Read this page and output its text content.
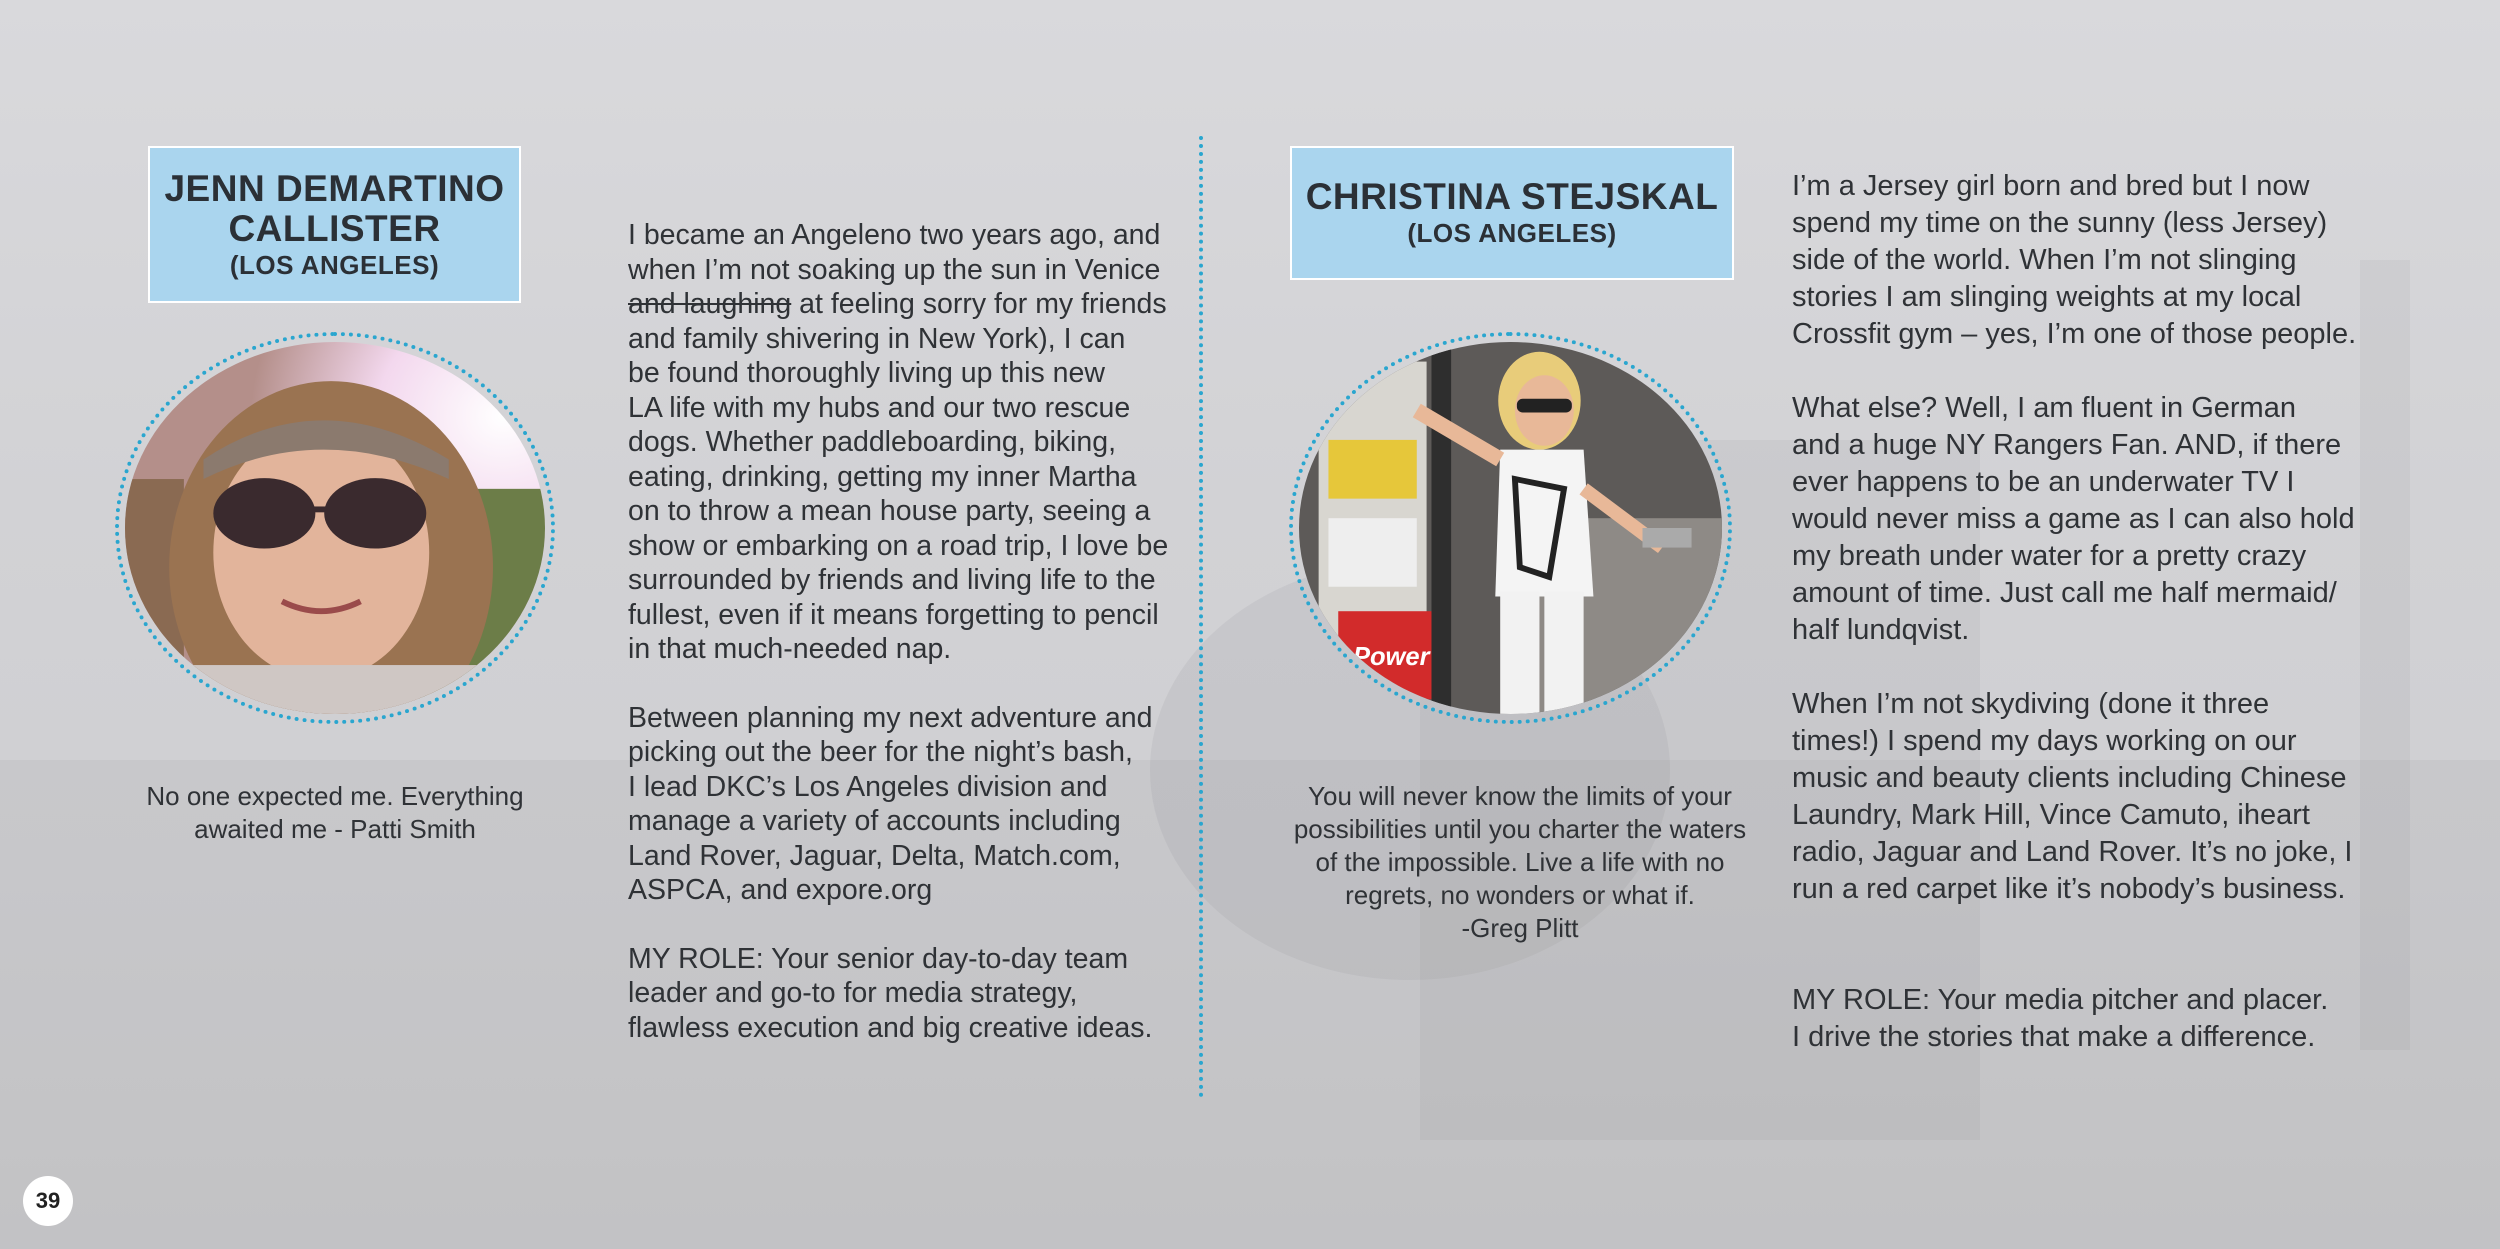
JENN DEMARTINO
CALLISTER
(LOS ANGELES)
No one expected me. Everything
awaited me - Patti Smith
I became an Angeleno two years ago, and
when I’m not soaking up the sun in Venice
and laughing at feeling sorry for my friends
and family shivering in New York), I can
be found thoroughly living up this new
LA life with my hubs and our two rescue
dogs. Whether paddleboarding, biking,
eating, drinking, getting my inner Martha
on to throw a mean house party, seeing a
show or embarking on a road trip, I love be
surrounded by friends and living life to the
fullest, even if it means forgetting to pencil
in that much-needed nap.
Between planning my next adventure and
picking out the beer for the night’s bash,
I lead DKC’s Los Angeles division and
manage a variety of accounts including
Land Rover, Jaguar, Delta, Match.com,
ASPCA, and expore.org
MY ROLE: Your senior day-to-day team
leader and go-to for media strategy,
flawless execution and big creative ideas.
CHRISTINA STEJSKAL
(LOS ANGELES)
Power
You will never know the limits of your
possibilities until you charter the waters
of the impossible. Live a life with no
regrets, no wonders or what if.
-Greg Plitt
I’m a Jersey girl born and bred but I now
spend my time on the sunny (less Jersey)
side of the world. When I’m not slinging
stories I am slinging weights at my local
Crossfit gym – yes, I’m one of those people.
What else? Well, I am fluent in German
and a huge NY Rangers Fan. AND, if there
ever happens to be an underwater TV I
would never miss a game as I can also hold
my breath under water for a pretty crazy
amount of time. Just call me half mermaid/
half lundqvist.
When I’m not skydiving (done it three
times!) I spend my days working on our
music and beauty clients including Chinese
Laundry, Mark Hill, Vince Camuto, iheart
radio, Jaguar and Land Rover. It’s no joke, I
run a red carpet like it’s nobody’s business.
MY ROLE: Your media pitcher and placer.
I drive the stories that make a difference.
39
